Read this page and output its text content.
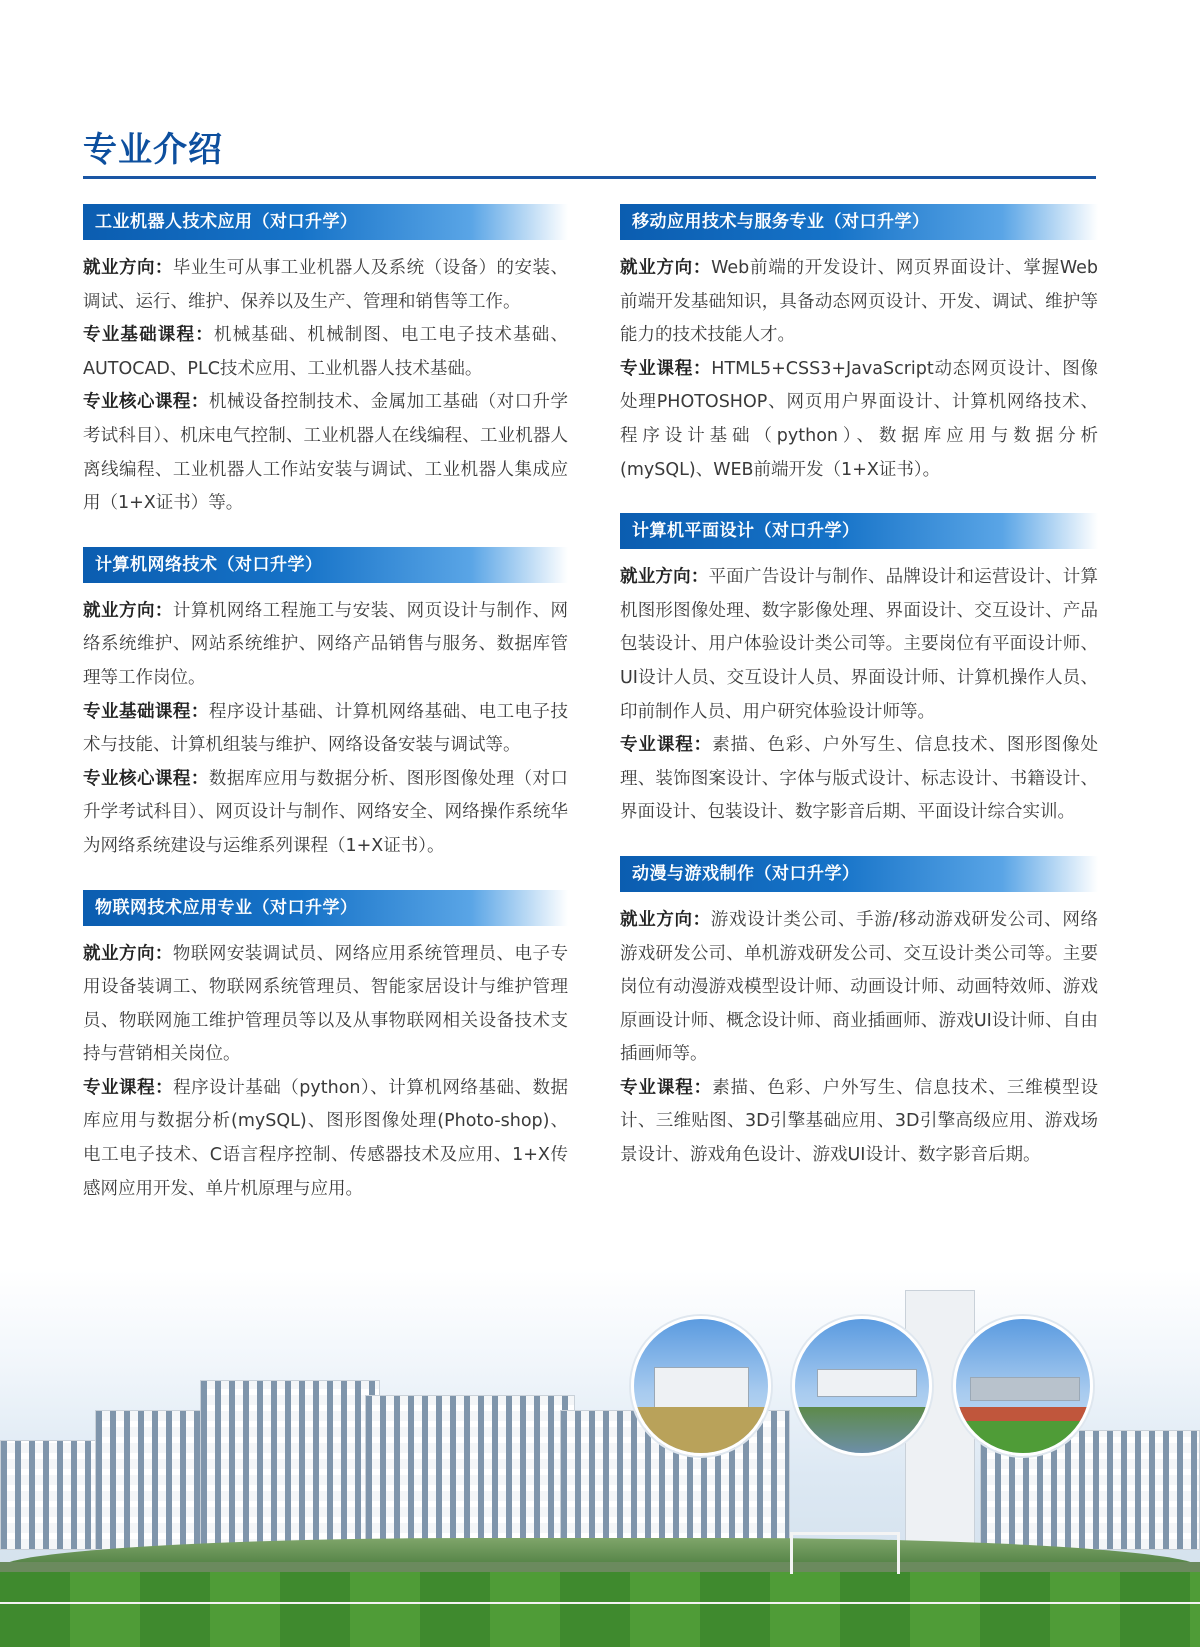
专业介绍
工业机器人技术应用（对口升学）

就业方向：毕业生可从事工业机器人及系统（设备）的安装、调试、运行、维护、保养以及生产、管理和销售等工作。

专业基础课程：机械基础、机械制图、电工电子技术基础、AUTOCAD、PLC技术应用、工业机器人技术基础。

专业核心课程：机械设备控制技术、金属加工基础（对口升学考试科目）、机床电气控制、工业机器人在线编程、工业机器人离线编程、工业机器人工作站安装与调试、工业机器人集成应用（1+X证书）等。

计算机网络技术（对口升学）

就业方向：计算机网络工程施工与安装、网页设计与制作、网络系统维护、网站系统维护、网络产品销售与服务、数据库管理等工作岗位。

专业基础课程：程序设计基础、计算机网络基础、电工电子技术与技能、计算机组装与维护、网络设备安装与调试等。

专业核心课程：数据库应用与数据分析、图形图像处理（对口升学考试科目）、网页设计与制作、网络安全、网络操作系统华为网络系统建设与运维系列课程（1+X证书）。

物联网技术应用专业（对口升学）

就业方向：物联网安装调试员、网络应用系统管理员、电子专用设备装调工、物联网系统管理员、智能家居设计与维护管理员、物联网施工维护管理员等以及从事物联网相关设备技术支持与营销相关岗位。

专业课程：程序设计基础（python）、计算机网络基础、数据库应用与数据分析(mySQL)、图形图像处理(Photo-shop)、电工电子技术、C语言程序控制、传感器技术及应用、1+X传感网应用开发、单片机原理与应用。

移动应用技术与服务专业（对口升学）

就业方向：Web前端的开发设计、网页界面设计、掌握Web前端开发基础知识，具备动态网页设计、开发、调试、维护等能力的技术技能人才。

专业课程：HTML5+CSS3+JavaScript动态网页设计、图像处理PHOTOSHOP、网页用户界面设计、计算机网络技术、程序设计基础（python）、数据库应用与数据分析(mySQL)、WEB前端开发（1+X证书）。

计算机平面设计（对口升学）

就业方向：平面广告设计与制作、品牌设计和运营设计、计算机图形图像处理、数字影像处理、界面设计、交互设计、产品包装设计、用户体验设计类公司等。主要岗位有平面设计师、UI设计人员、交互设计人员、界面设计师、计算机操作人员、印前制作人员、用户研究体验设计师等。

专业课程：素描、色彩、户外写生、信息技术、图形图像处理、装饰图案设计、字体与版式设计、标志设计、书籍设计、界面设计、包装设计、数字影音后期、平面设计综合实训。

动漫与游戏制作（对口升学）

就业方向：游戏设计类公司、手游/移动游戏研发公司、网络游戏研发公司、单机游戏研发公司、交互设计类公司等。主要岗位有动漫游戏模型设计师、动画设计师、动画特效师、游戏原画设计师、概念设计师、商业插画师、游戏UI设计师、自由插画师等。

专业课程：素描、色彩、户外写生、信息技术、三维模型设计、三维贴图、3D引擎基础应用、3D引擎高级应用、游戏场景设计、游戏角色设计、游戏UI设计、数字影音后期。
